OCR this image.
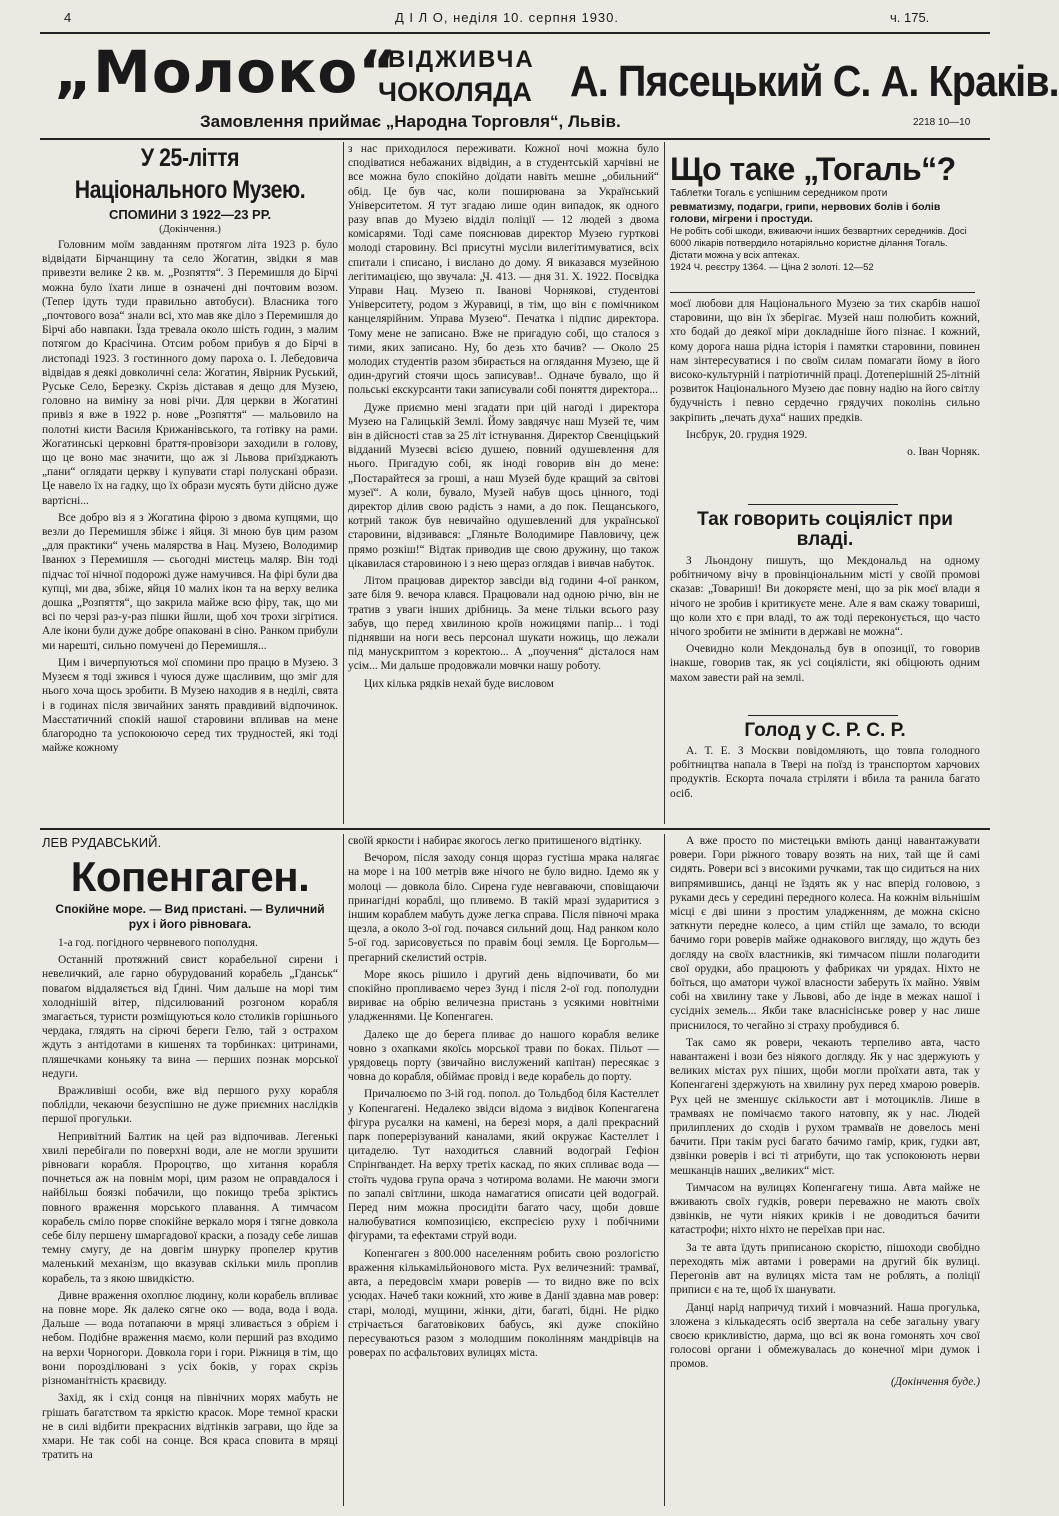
4	Д І Л О, неділя 10. серпня 1930.	ч. 175.
„Молоко“
ВІДЖИВЧА
ЧОКОЛЯДА А. Пясецький С. А. Краків.
Замовлення приймає „Народна Торговля“, Львів.	2218 10—10
У 25-ліття Національного Музею.
СПОМИНИ З 1922—23 РР.
(Докінчення.)

Головним моїм завданням протягом літа 1923 р. було відвідати Бірчанщину та село Жогатин, звідки я мав привезти велике 2 кв. м. „Розпяття“. З Перемишля до Бірчі можна було їхати лише в означені дні почтовим возом. (Тепер ідуть туди правильно автобуси). Власника того „почтового воза“ знали всі, хто мав яке діло з Перемишля до Бірчі або навпаки. Їзда тревала около шість годин, з малим потягом до Красічина. Отсим робом прибув я до Бірчі в листопаді 1923. З гостинного дому пароха о. І. Лебедовича відвідав я деякі довколичні села: Жогатин, Явірник Руський, Руське Село, Березку. Скрізь діставав я дещо для Музею, головно на виміну за нові річи. Для церкви в Жогатині привіз я вже в 1922 р. нове „Розпяття“ — мальовило на полотні кисти Василя Крижанівського, та готівку на рами. Жогатинські церковні браття-провізори заходили в голову, що це воно має значити, що аж зі Львова приїзджають „пани“ оглядати церкву і купувати старі полускані образи. Це навело їх на гадку, що їх образи мусять бути дійсно дуже вартісні...

Все добро віз я з Жогатина фірою з двома купцями, що везли до Перемишля збіжє і яйця. Зі мною був цим разом „для практики“ учень малярства в Нац. Музею, Володимир Іванюх з Перемишля — сьогодні мистець маляр. Він тоді підчас тої нічної подорожі дуже намучився. На фірі були два купці, ми два, збіже, яйця 10 малих ікон та на верху велика дошка „Розпяття“, що закрила майже всю фіру, так, що ми всі по черзі раз-у-раз пішки йшли, щоб хоч трохи зігрітися. Але ікони були дуже добре опаковані в сіно. Ранком прибули ми нарешті, сильно помучені до Перемишля...

Цим і вичерпуються мої спомини про працю в Музею. З Музеєм я тоді зжився і чуюся дуже щасливим, що зміг для нього хоча щось зробити. В Музею находив я в неділі, свята і в годинах після звичайних занять правдивий відпочинок. Маєстатичний спокій нашої старовини впливав на мене благородно та успокоюючо серед тих трудностей, які тоді майже кожному

з нас приходилося переживати. Кожної ночі можна було сподіватися небажаних відвідин, а в студентській харчівні не все можна було спокійно доїдати навіть мешне „обильний“ обід. Це був час, коли поширювана за Український Університетом. Я тут згадаю лише один випадок, як одного разу впав до Музею відділ поліції — 12 людей з двома комісарями. Тоді саме пояснював директор Музею гурткові молоді старовину. Всі присутні мусіли вилегітимуватися, всіх спитали і списано, і вислано до дому. Я виказався музейною легітимацією, що звучала: „Ч. 413. — дня 31. Х. 1922. Посвідка Управи Нац. Музею п. Іванові Чорнякові, студентові Університету, родом з Журавиці, в тім, що він є помічником канцелярійним. Управа Музею“. Печатка і підпис директора. Тому мене не записано. Вже не пригадую собі, що сталося з тими, яких записано. Ну, бо дезь хто бачив? — Около 25 молодих студентів разом збирається на оглядання Музею, ще й один-другий стоячи щось записував!.. Одначе бувало, що й польські екскурсанти таки записували собі поняття директора...

Дуже приємно мені згадати при цій нагоді і директора Музею на Галицькій Землі. Йому завдячує наш Музей те, чим він в дійсності став за 25 літ істнування. Директор Свенціцький відданий Музеєві всією душею, повний одушевлення для нього. Пригадую собі, як іноді говорив він до мене: „Постарайтеся за гроші, а наш Музей буде кращий за світові музеї“. А коли, бувало, Музей набув щось цінного, тоді директор ділив свою радість з нами, а до пок. Пещанського, котрий також був невичайно одушевлений для української старовини, відзивався: „Гляньте Володимире Павловичу, цеж прямо розкіш!“ Відтак приводив ще свою дружину, що також цікавилася старовиною і з нею щераз оглядав і вивчав набуток.

Літом працював директор завсіди від години 4-ої ранком, зате біля 9. вечора клався. Працювали над одною річю, він не тратив з уваги інших дрібниць. За мене тільки всього разу забув, що перед хвилиною кроїв ножицями папір... і тоді піднявши на ноги весь персонал шукати ножиць, що лежали під манускриптом з коректою... А „поучення“ дісталося нам усім... Ми дальше продовжали мовчки нашу роботу.

Цих кілька рядків нехай буде висловом

Що таке „Тогаль“?
Таблетки Тогаль є успішним середником проти
ревматизму, подагри, грипи, нервових болів і болів голови, мігрени і простуди.
Не робіть собі шкоди, вживаючи інших безвартних середників. Досі 6000 лікарів потвердило нотаріяльно користне ділання Тогаль. Дістати можна у всіх аптеках.
1924 Ч. реєстру 1364. — Ціна 2 золоті. 12—52

моєї любови для Національного Музею за тих скарбів нашої старовини, що він їх зберігає. Музей наш полюбить кожний, хто бодай до деякої міри докладніше його пізнає. І кожний, кому дорога наша рідна історія і памятки старовини, повинен нам зінтересуватися і по своїм силам помагати йому в його високо-культурній і патріотичній праці. Дотеперішній 25-літній розвиток Національного Музею дає повну надію на його світлу будучність і певно сердечно грядучих поколінь сильно закріпить „печать духа“ наших предків.

Інсбрук, 20. грудня 1929.

о. Іван Чорняк.

Так говорить соціяліст при владі.

З Льондону пишуть, що Мекдональд на одному робітничому вічу в провінціональним місті у своїй промові сказав: „Товариші! Ви докоряєте мені, що за рік моєї влади я нічого не зробив і критикуєте мене. Але я вам скажу товариші, що коли хто є при владі, то аж тоді переконується, що часто нічого зробити не змінити в державі не можна“.

Очевидно коли Мекдональд був в опозиції, то говорив інакше, говорив так, як усі соціялісти, які обіцюють одним махом завести рай на землі.

Голод у С. Р. С. Р.

А. Т. Е. З Москви повідомляють, що товпа голодного робітництва напала в Твері на поїзд із транспортом харчових продуктів. Ескорта почала стріляти і вбила та ранила багато осіб.

ЛЕВ РУДАВСЬКИЙ.
Копенгаген.
Спокійне море. — Вид пристані. — Вуличний рух і його рівновага.

1-а год. погідного червневого пополудня.

Останній протяжний свист корабельної сирени і невеличкий, але гарно обурудований корабель „Гданськ“ поваґом віддаляється від Ґдині. Чим дальше на морі тим холоднішій вітер, підсилюваний розгоном корабля змагається, туристи розміщуються коло столиків горішнього чердака, глядять на сірючі береги Гелю, тай з острахом ждуть з антідотами в кишенях та торбинках: цитринами, пляшечками коньяку та вина — перших познак морської недуги.

Вражливіші особи, вже від першого руху корабля поблідли, чекаючи безуспішно не дуже приємних наслідків першої прогульки.

Непривітний Балтик на цей раз відпочивав. Легенькі хвилі перебігали по поверхні води, але не могли зрушити рівноваги корабля. Пророцтво, що хитання корабля почнеться аж на повнім морі, цим разом не оправдалося і найбільш боязкі побачили, що покищо треба зріктись повного враження морського плавання. А тимчасом корабель сміло порве спокійне веркало моря і тягне довкола себе білу першену шмаргадової краски, а позаду себе лишав темну смугу, де на довгім шнурку пропелер крутив маленький механізм, що вказував скільки миль проплив корабель, та з якою швидкістю.

Дивне враження охоплює людину, коли корабель впливає на повне море. Як далеко сягне око — вода, вода і вода. Дальше — вода потапаючи в мряці зливається з обрієм і небом. Подібне враження маємо, коли перший раз входимо на верхи Чорногори. Довкола гори і гори. Ріжниця в тім, що вони порозділювані з усіх боків, у горах скрізь різноманітність краєвиду.

Захід, як і схід сонця на північних морях мабуть не грішать багатством та яркістю красок. Море темної краски не в силі відбити прекрасних відтінків заграви, що йде за хмари. Не так собі на сонце. Вся краса сповита в мряці тратить на

своїй яркости і набирає якогось легко притишеного відтінку.

Вечором, після заходу сонця щораз густіша мрака налягає на море і на 100 метрів вже нічого не було видно. Ідемо як у молоці — довкола біло. Сирена гуде невгаваючи, сповіщаючи принагідні кораблі, що пливемо. В такій мразі зударитися з іншим кораблем мабуть дуже легка справа. Після півночі мрака щезла, а около 3-ої год. почався сильний дощ. Над ранком коло 5-ої год. зарисовується по правім боці земля. Це Боргольм—прегарний скелистий острів.

Море якось рішило і другий день відпочивати, бо ми спокійно пропливаємо через Зунд і після 2-ої год. пополудни вириває на обрію величезна пристань з усякими новітніми уладженнями. Це Копенгаген.

Далеко ще до берега пливає до нашого корабля велике човно з охапками якоїсь морської трави по боках. Пільот — урядовець порту (звичайно вислужений капітан) пересякає з човна до корабля, обіймає провід і веде корабель до порту.

Причалюємо по 3-ій год. попол. до Тольдбод біля Кастеллет у Копенгагені. Недалеко звідси відома з видівок Копенгагена фігура русалки на камені, на березі моря, а далі прекрасний парк поперерізуваний каналами, який окружає Кастеллет і цитаделю. Тут находиться славний водограй Гефіон Спрінґвандет. На верху третіх каскад, по яких спливає вода — стоїть чудова група орача з чотирома волами. Не маючи змоги по запалі світлини, шкода намагатися описати цей водограй. Перед ним можна просидіти багато часу, щоби довше налюбуватися композицією, експресією руху і побічними фігурами, та ефектами струй води.

Копенгаген з 800.000 населенням робить свою розлогістю враження кількамільйонового міста. Рух величезний: трамваї, авта, а передовсім хмари роверів — то видно вже по всіх усюдах. Начеб таки кожний, хто живе в Данії здавна мав ровер: старі, молоді, мущини, жінки, діти, багаті, бідні. Не рідко стрічається багатовікових бабусь, які дуже спокійно пересуваються разом з молодшим поколінням мандрівців на роверах по асфальтових вулицях міста.

А вже просто по мистецьки вміють данці навантажувати ровери. Гори ріжного товару возять на них, тай ще й самі сидять. Ровери всі з високими ручками, так що сидиться на них випрямившись, данці не їздять як у нас вперід головою, з руками десь у середині передного колеса. На кожнім вільнішім місці є дві шини з простим уладженням, де можна скісно заткнути передне колесо, а цим стійл ще замало, то всюди бачимо гори роверів майже однакового вигляду, що ждуть без догляду на своїх властників, які тимчасом пішли полагодити свої орудки, або працюють у фабриках чи урядах. Ніхто не боїться, що аматори чужої власности заберуть їх майно. Уявім собі на хвилину таке у Львові, або де інде в межах нашої і сусідніх земель... Якби таке власнісінське ровер у нас лише приснилося, то чегайно зі страху пробудився б.

Так само як ровери, чекають терпеливо авта, часто навантажені і вози без ніякого догляду. Як у нас здержують у великих містах рух піших, щоби могли проїхати авта, так у Копенгагені здержують на хвилину рух перед хмарою роверів. Рух цей не зменшує скількости авт і мотоциклів. Лише в трамваях не помічаємо такого натовпу, як у нас. Людей прилиплених до сходів і рухом трамваїв не довелось мені бачити. При такім русі багато бачимо гамір, крик, гудки авт, дзвінки роверів і всі ті атрибути, що так успокоюють нерви мешканців наших „великих“ міст.

Тимчасом на вулицях Копенгагену тиша. Авта майже не вживають своїх гудків, ровери переважно не мають своїх дзвінків, не чути ніяких криків і не доводиться бачити катастрофи; ніхто ніхто не переїхав при нас.

За те авта їдуть приписаною скорістю, пішоходи свобідно переходять між автами і роверами на другий бік вулиці. Перегонів авт на вулицях міста там не роблять, а поліції приписи є на те, щоб їх шанувати.

Данці нарід напричуд тихий і мовчазний. Наша прогулька, зложена з кількадесять осіб звертала на себе загальну увагу своєю крикливістю, дарма, що всі як вона гомонять хоч свої голосові органи і обмежувалась до конечної міри думок і промов.

(Докінчення буде.)
